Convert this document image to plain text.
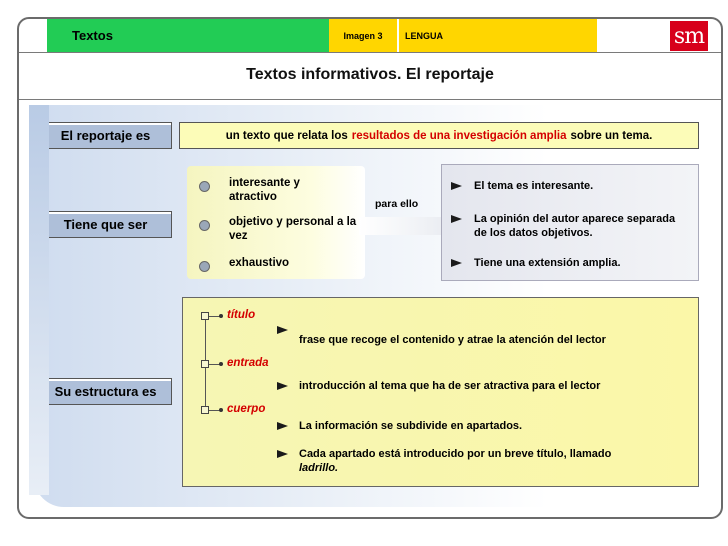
Textos	Imagen 3	LENGUA	sm
Textos informativos. El reportaje
El reportaje es	un texto que relata los resultados de una investigación amplia sobre un tema.
Tiene que ser
interesante y atractivo
objetivo y personal a la vez
exhaustivo
para ello
El tema es interesante.
La opinión del autor aparece separada de los datos objetivos.
Tiene una extensión amplia.
Su estructura es
título
entrada
cuerpo
frase que recoge el contenido y atrae la atención del lector
introducción al tema que ha de ser atractiva para el lector
La información se subdivide en apartados.
Cada apartado está introducido por un breve título, llamado
ladrillo.
